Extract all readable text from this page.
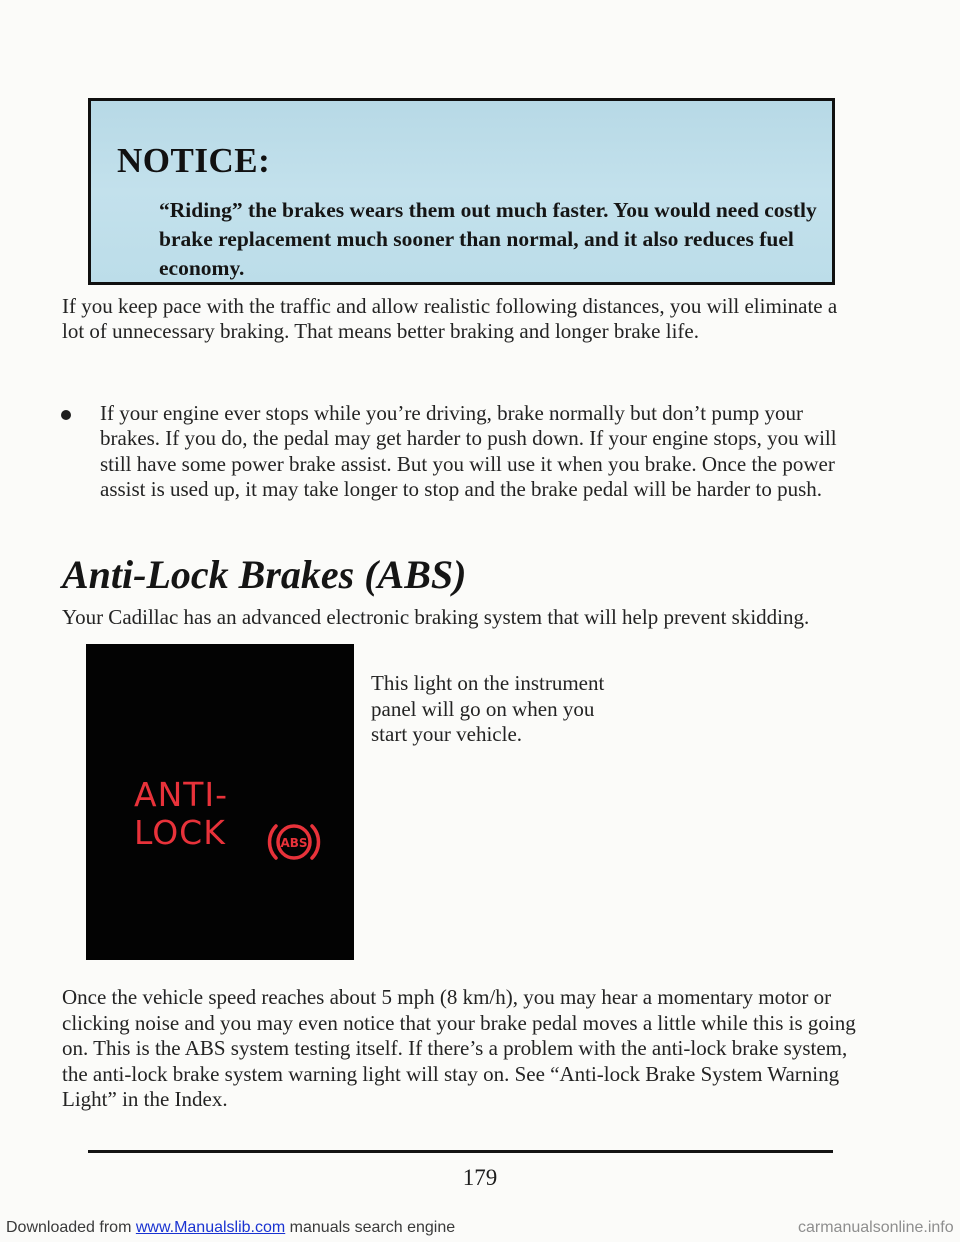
NOTICE:
“Riding” the brakes wears them out much faster. You would need costly brake replacement much sooner than normal, and it also reduces fuel economy.
If you keep pace with the traffic and allow realistic following distances, you will eliminate a lot of unnecessary braking. That means better braking and longer brake life.
If your engine ever stops while you’re driving, brake normally but don’t pump your brakes. If you do, the pedal may get harder to push down. If your engine stops, you will still have some power brake assist. But you will use it when you brake. Once the power assist is used up, it may take longer to stop and the brake pedal will be harder to push.
Anti-Lock Brakes (ABS)
Your Cadillac has an advanced electronic braking system that will help prevent skidding.
ANTI-
LOCK	ABS
This light on the instrument panel will go on when you start your vehicle.
Once the vehicle speed reaches about 5 mph (8 km/h), you may hear a momentary motor or clicking noise and you may even notice that your brake pedal moves a little while this is going on. This is the ABS system testing itself. If there’s a problem with the anti-lock brake system, the anti-lock brake system warning light will stay on. See “Anti-lock Brake System Warning Light” in the Index.
179
Downloaded from www.Manualslib.com manuals search engine	carmanualsonline.info
